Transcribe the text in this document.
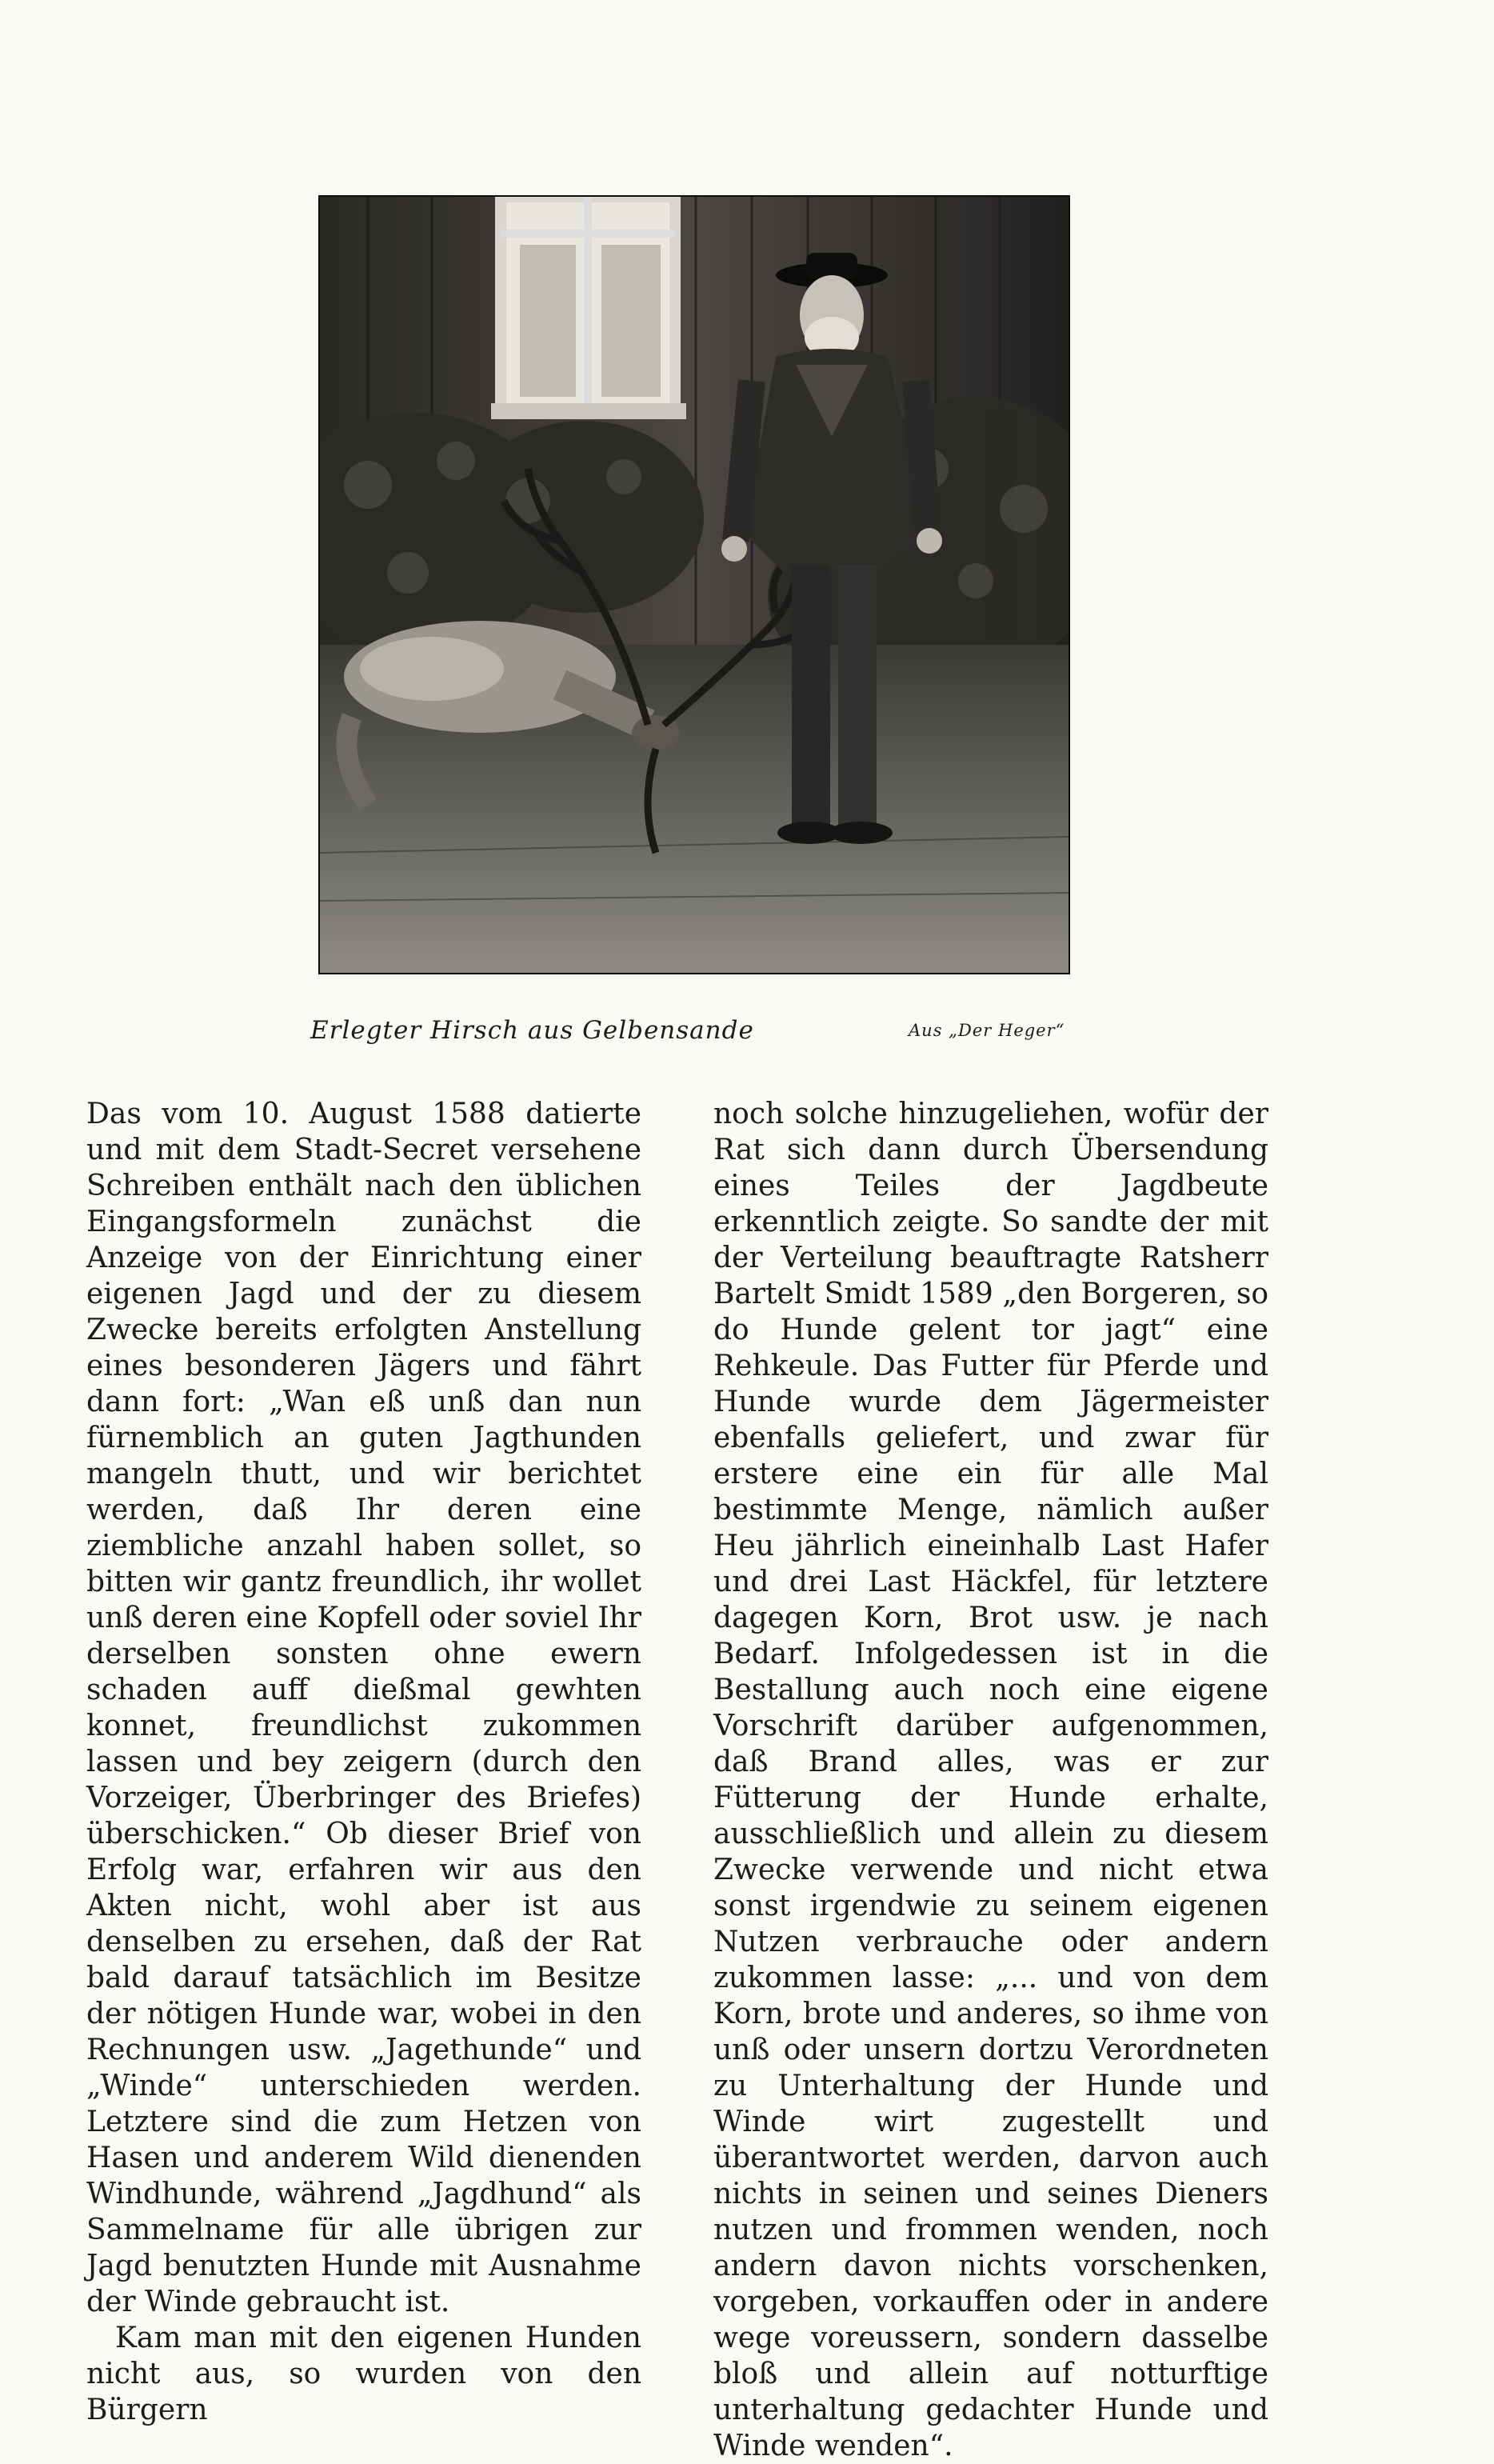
Erlegter Hirsch aus Gelbensande	Aus „Der Heger“

Das vom 10. August 1588 datierte und mit dem Stadt-Secret versehene Schreiben enthält nach den üblichen Eingangsformeln zunächst die Anzeige von der Einrichtung einer eigenen Jagd und der zu diesem Zwecke bereits erfolgten Anstellung eines besonderen Jägers und fährt dann fort: „Wan eß unß dan nun fürnemblich an guten Jagthunden mangeln thutt, und wir berichtet werden, daß Ihr deren eine ziembliche anzahl haben sollet, so bitten wir gantz freundlich, ihr wollet unß deren eine Kopfell oder soviel Ihr derselben sonsten ohne ewern schaden auff dießmal gewhten konnet, freundlichst zukommen lassen und bey zeigern (durch den Vorzeiger, Überbringer des Briefes) überschicken.“ Ob dieser Brief von Erfolg war, erfahren wir aus den Akten nicht, wohl aber ist aus denselben zu ersehen, daß der Rat bald darauf tatsächlich im Besitze der nötigen Hunde war, wobei in den Rechnungen usw. „Jagethunde“ und „Winde“ unterschieden werden. Letztere sind die zum Hetzen von Hasen und anderem Wild dienenden Windhunde, während „Jagdhund“ als Sammelname für alle übrigen zur Jagd benutzten Hunde mit Ausnahme der Winde gebraucht ist.

Kam man mit den eigenen Hunden nicht aus, so wurden von den Bürgern

noch solche hinzugeliehen, wofür der Rat sich dann durch Übersendung eines Teiles der Jagdbeute erkenntlich zeigte. So sandte der mit der Verteilung beauftragte Ratsherr Bartelt Smidt 1589 „den Borgeren, so do Hunde gelent tor jagt“ eine Rehkeule. Das Futter für Pferde und Hunde wurde dem Jägermeister ebenfalls geliefert, und zwar für erstere eine ein für alle Mal bestimmte Menge, nämlich außer Heu jährlich eineinhalb Last Hafer und drei Last Häckfel, für letztere dagegen Korn, Brot usw. je nach Bedarf. Infolgedessen ist in die Bestallung auch noch eine eigene Vorschrift darüber aufgenommen, daß Brand alles, was er zur Fütterung der Hunde erhalte, ausschließlich und allein zu diesem Zwecke verwende und nicht etwa sonst irgendwie zu seinem eigenen Nutzen verbrauche oder andern zukommen lasse: „... und von dem Korn, brote und anderes, so ihme von unß oder unsern dortzu Verordneten zu Unterhaltung der Hunde und Winde wirt zugestellt und überantwortet werden, darvon auch nichts in seinen und seines Dieners nutzen und frommen wenden, noch andern davon nichts vorschenken, vorgeben, vorkauffen oder in andere wege voreussern, sondern dasselbe bloß und allein auf notturftige unterhaltung gedachter Hunde und Winde wenden“.
